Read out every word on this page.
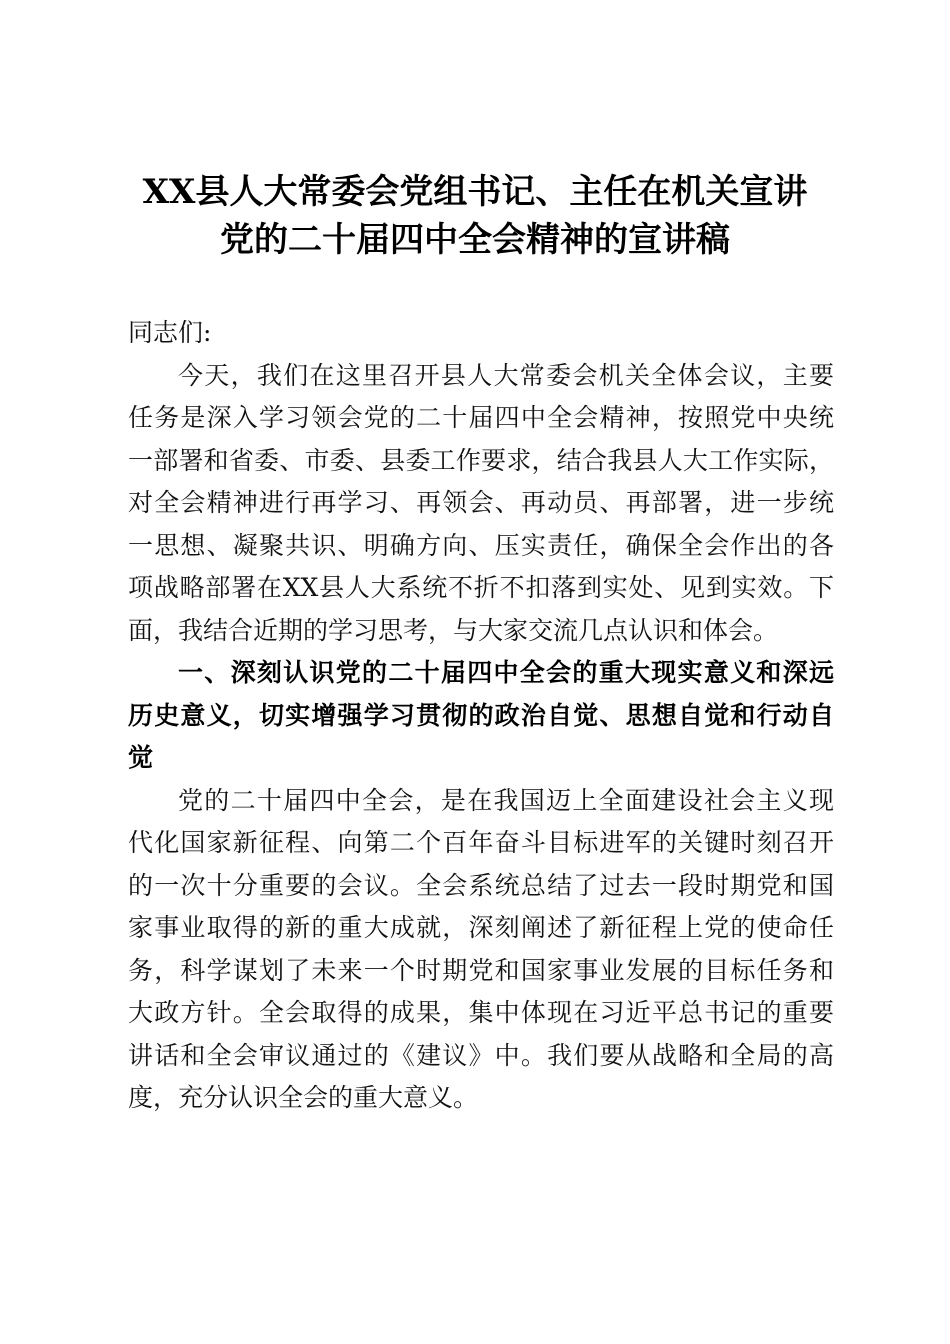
XX县人大常委会党组书记、主任在机关宣讲
党的二十届四中全会精神的宣讲稿
同志们:
今天，我们在这里召开县人大常委会机关全体会议，主要
任务是深入学习领会党的二十届四中全会精神，按照党中央统
一部署和省委、市委、县委工作要求，结合我县人大工作实际，
对全会精神进行再学习、再领会、再动员、再部署，进一步统
一思想、凝聚共识、明确方向、压实责任，确保全会作出的各
项战略部署在XX县人大系统不折不扣落到实处、见到实效。下
面，我结合近期的学习思考，与大家交流几点认识和体会。
一、深刻认识党的二十届四中全会的重大现实意义和深远
历史意义，切实增强学习贯彻的政治自觉、思想自觉和行动自
觉
党的二十届四中全会，是在我国迈上全面建设社会主义现
代化国家新征程、向第二个百年奋斗目标进军的关键时刻召开
的一次十分重要的会议。全会系统总结了过去一段时期党和国
家事业取得的新的重大成就，深刻阐述了新征程上党的使命任
务，科学谋划了未来一个时期党和国家事业发展的目标任务和
大政方针。全会取得的成果，集中体现在习近平总书记的重要
讲话和全会审议通过的《建议》中。我们要从战略和全局的高
度，充分认识全会的重大意义。
